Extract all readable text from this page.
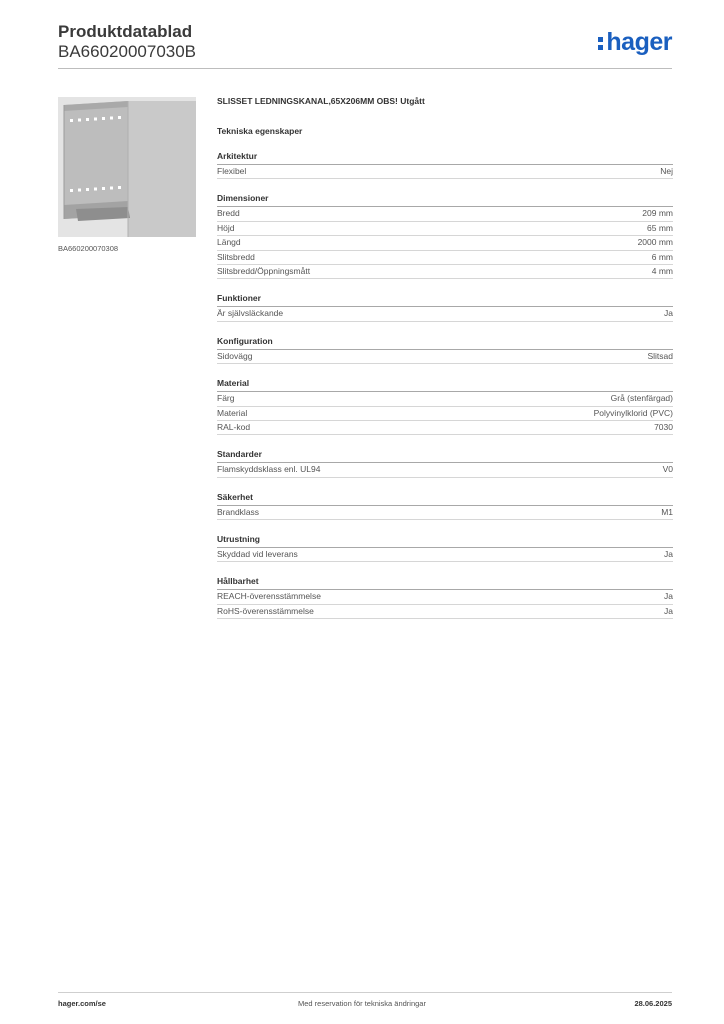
Produktdatablad
BA66020007030B	hager
BA660200070308
SLISSET LEDNINGSKANAL,65X206MM OBS! Utgått
Tekniska egenskaper
Arkitektur
Flexibel	Nej
Dimensioner
Bredd	209 mm
Höjd	65 mm
Längd	2000 mm
Slitsbredd	6 mm
Slitsbredd/Öppningsmått	4 mm
Funktioner
Är självsläckande	Ja
Konfiguration
Sidovägg	Slitsad
Material
Färg	Grå (stenfärgad)
Material	Polyvinylklorid (PVC)
RAL-kod	7030
Standarder
Flamskyddsklass enl. UL94	V0
Säkerhet
Brandklass	M1
Utrustning
Skyddad vid leverans	Ja
Hållbarhet
REACH-överensstämmelse	Ja
RoHS-överensstämmelse	Ja
hager.com/se	Med reservation för tekniska ändringar	28.06.2025
